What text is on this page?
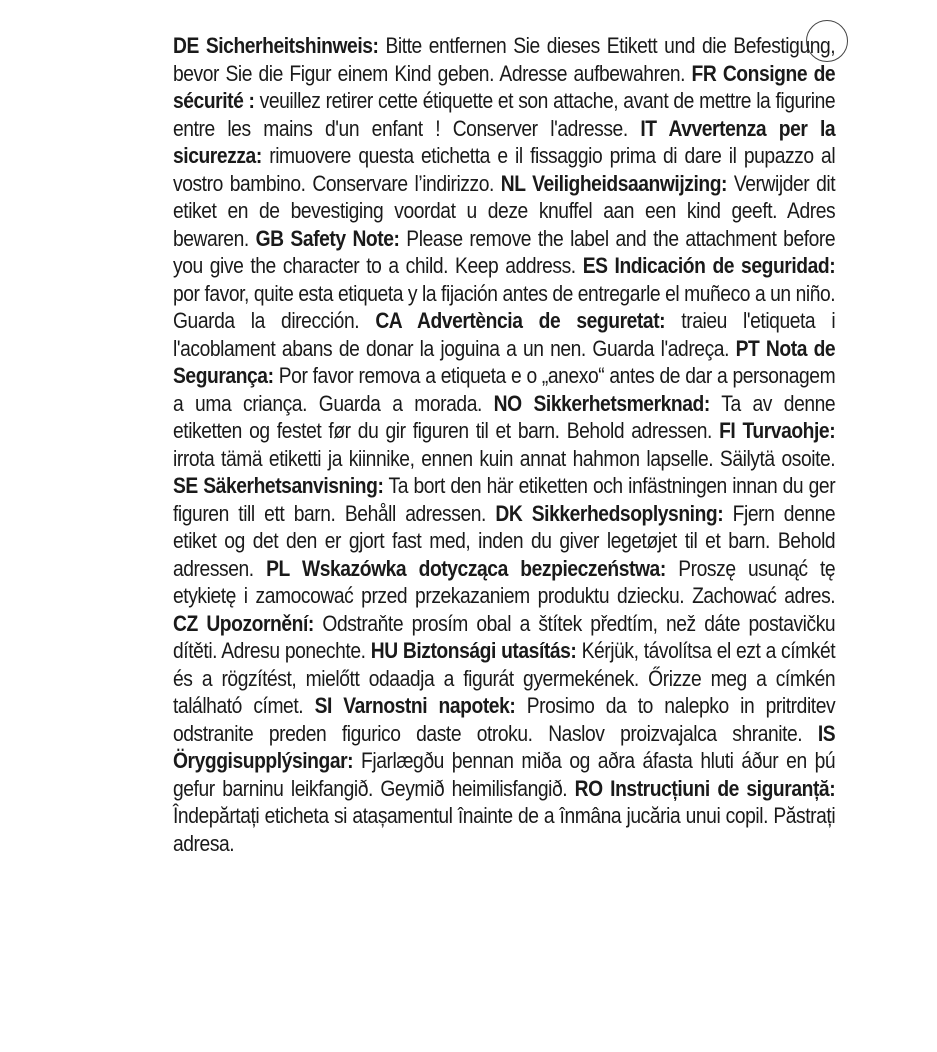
DE Sicherheitshinweis: Bitte entfernen Sie dieses Etikett und die Befestigung, bevor Sie die Figur einem Kind geben. Adresse aufbewahren. FR Consigne de sécurité : veuillez retirer cette étiquette et son attache, avant de mettre la figurine entre les mains d'un enfant ! Conserver l'adresse. IT Avvertenza per la sicurezza: rimuovere questa etichetta e il fissaggio prima di dare il pupazzo al vostro bambino. Conservare l’indirizzo. NL Veiligheidsaanwijzing: Verwijder dit etiket en de bevestiging voordat u deze knuffel aan een kind geeft. Adres bewaren. GB Safety Note: Please remove the label and the attachment before you give the character to a child. Keep address. ES Indicación de seguridad: por favor, quite esta etiqueta y la fijación antes de entregarle el muñeco a un niño. Guarda la dirección. CA Advertència de seguretat: traieu l'etiqueta i l'acoblament abans de donar la joguina a un nen. Guarda l'adreça. PT Nota de Segurança: Por favor remova a etiqueta e o „anexo“ antes de dar a personagem a uma criança. Guarda a morada. NO Sikkerhetsmerknad: Ta av denne etiketten og festet før du gir figuren til et barn. Behold adressen. FI Turvaohje: irrota tämä etiketti ja kiinnike, ennen kuin annat hahmon lapselle. Säilytä osoite. SE Säkerhetsanvisning: Ta bort den här etiketten och infästningen innan du ger figuren till ett barn. Behåll adressen. DK Sikkerhedsoplysning: Fjern denne etiket og det den er gjort fast med, inden du giver legetøjet til et barn. Behold adressen. PL Wskazówka dotycząca bezpieczeństwa: Proszę usunąć tę etykietę i zamocować przed przekazaniem produktu dziecku. Zachować adres. CZ Upozornění: Odstraňte prosím obal a štítek předtím, než dáte postavičku dítěti. Adresu ponechte. HU Biztonsági utasítás: Kérjük, távolítsa el ezt a címkét és a rögzítést, mielőtt odaadja a figurát gyermekének. Őrizze meg a címkén található címet. SI Varnostni napotek: Prosimo da to nalepko in pritrditev odstranite preden figurico daste otroku. Naslov proizvajalca shranite. IS Öryggisupplýsingar: Fjarlægðu þennan miða og aðra áfasta hluti áður en þú gefur barninu leikfangið. Geymið heimilisfangið. RO Instrucțiuni de siguranță: Îndepărtați eticheta si atașamentul înainte de a înmâna jucăria unui copil. Păstrați adresa.
